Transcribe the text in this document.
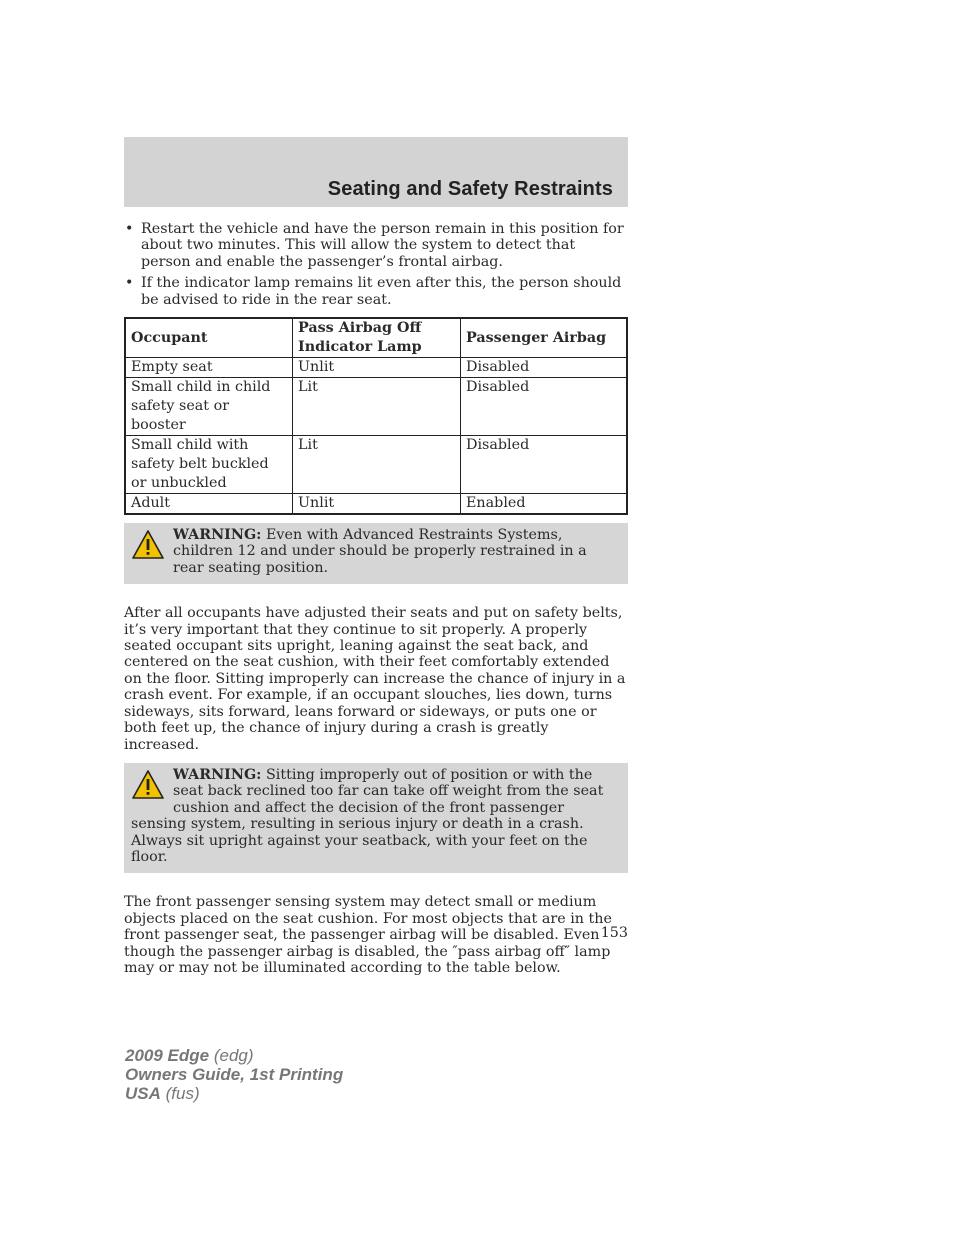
Seating and Safety Restraints
• Restart the vehicle and have the person remain in this position for about two minutes. This will allow the system to detect that person and enable the passenger’s frontal airbag.
• If the indicator lamp remains lit even after this, the person should be advised to ride in the rear seat.
Occupant	Pass Airbag Off Indicator Lamp	Passenger Airbag
Empty seat	Unlit	Disabled
Small child in child safety seat or booster	Lit	Disabled
Small child with safety belt buckled or unbuckled	Lit	Disabled
Adult	Unlit	Enabled
WARNING: Even with Advanced Restraints Systems, children 12 and under should be properly restrained in a rear seating position.
After all occupants have adjusted their seats and put on safety belts, it’s very important that they continue to sit properly. A properly seated occupant sits upright, leaning against the seat back, and centered on the seat cushion, with their feet comfortably extended on the floor. Sitting improperly can increase the chance of injury in a crash event. For example, if an occupant slouches, lies down, turns sideways, sits forward, leans forward or sideways, or puts one or both feet up, the chance of injury during a crash is greatly increased.
WARNING: Sitting improperly out of position or with the seat back reclined too far can take off weight from the seat cushion and affect the decision of the front passenger sensing system, resulting in serious injury or death in a crash.
Always sit upright against your seatback, with your feet on the floor.
The front passenger sensing system may detect small or medium objects placed on the seat cushion. For most objects that are in the front passenger seat, the passenger airbag will be disabled. Even though the passenger airbag is disabled, the ″pass airbag off″ lamp may or may not be illuminated according to the table below.
153
2009 Edge (edg)
Owners Guide, 1st Printing
USA (fus)
